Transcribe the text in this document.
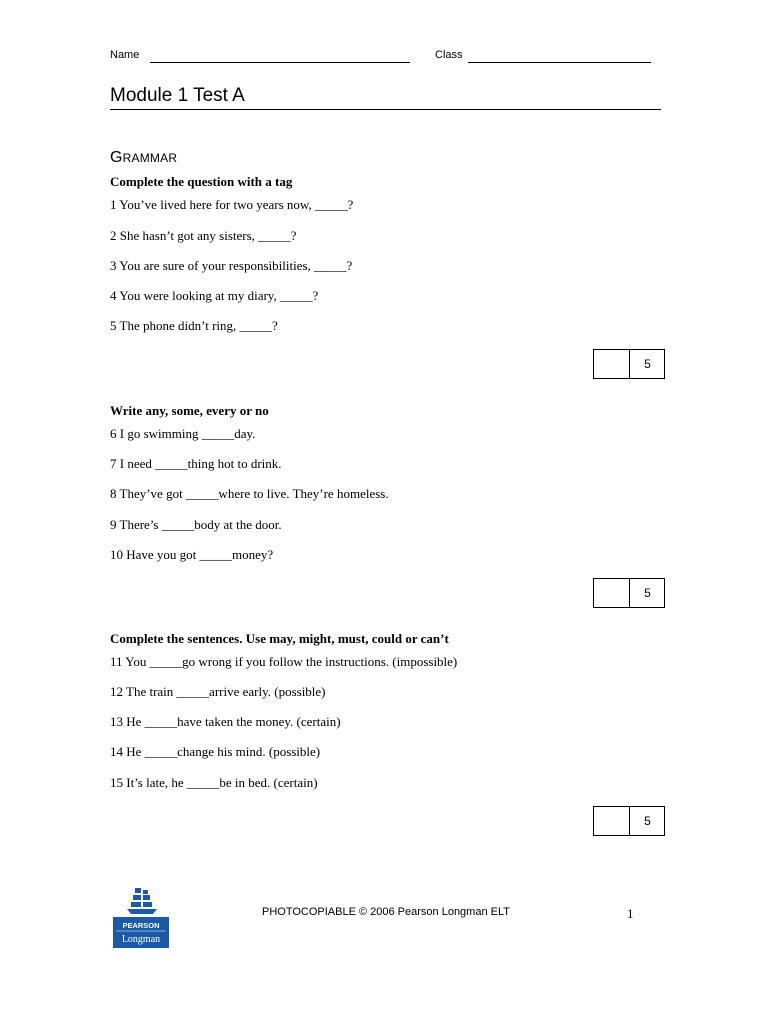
Name	Class
Module 1 Test A
GRAMMAR
Complete the question with a tag
1 You’ve lived here for two years now, _____?
2 She hasn’t got any sisters, _____?
3 You are sure of your responsibilities, _____?
4 You were looking at my diary, _____?
5 The phone didn’t ring, _____?
5
Write any, some, every or no
6 I go swimming _____day.
7 I need _____thing hot to drink.
8 They’ve got _____where to live. They’re homeless.
9 There’s _____body at the door.
10 Have you got _____money?
5
Complete the sentences. Use may, might, must, could or can’t
11 You _____go wrong if you follow the instructions. (impossible)
12 The train _____arrive early. (possible)
13 He _____have taken the money. (certain)
14 He _____change his mind. (possible)
15 It’s late, he _____be in bed. (certain)
5
PEARSON
Longman
PHOTOCOPIABLE © 2006 Pearson Longman ELT	1
